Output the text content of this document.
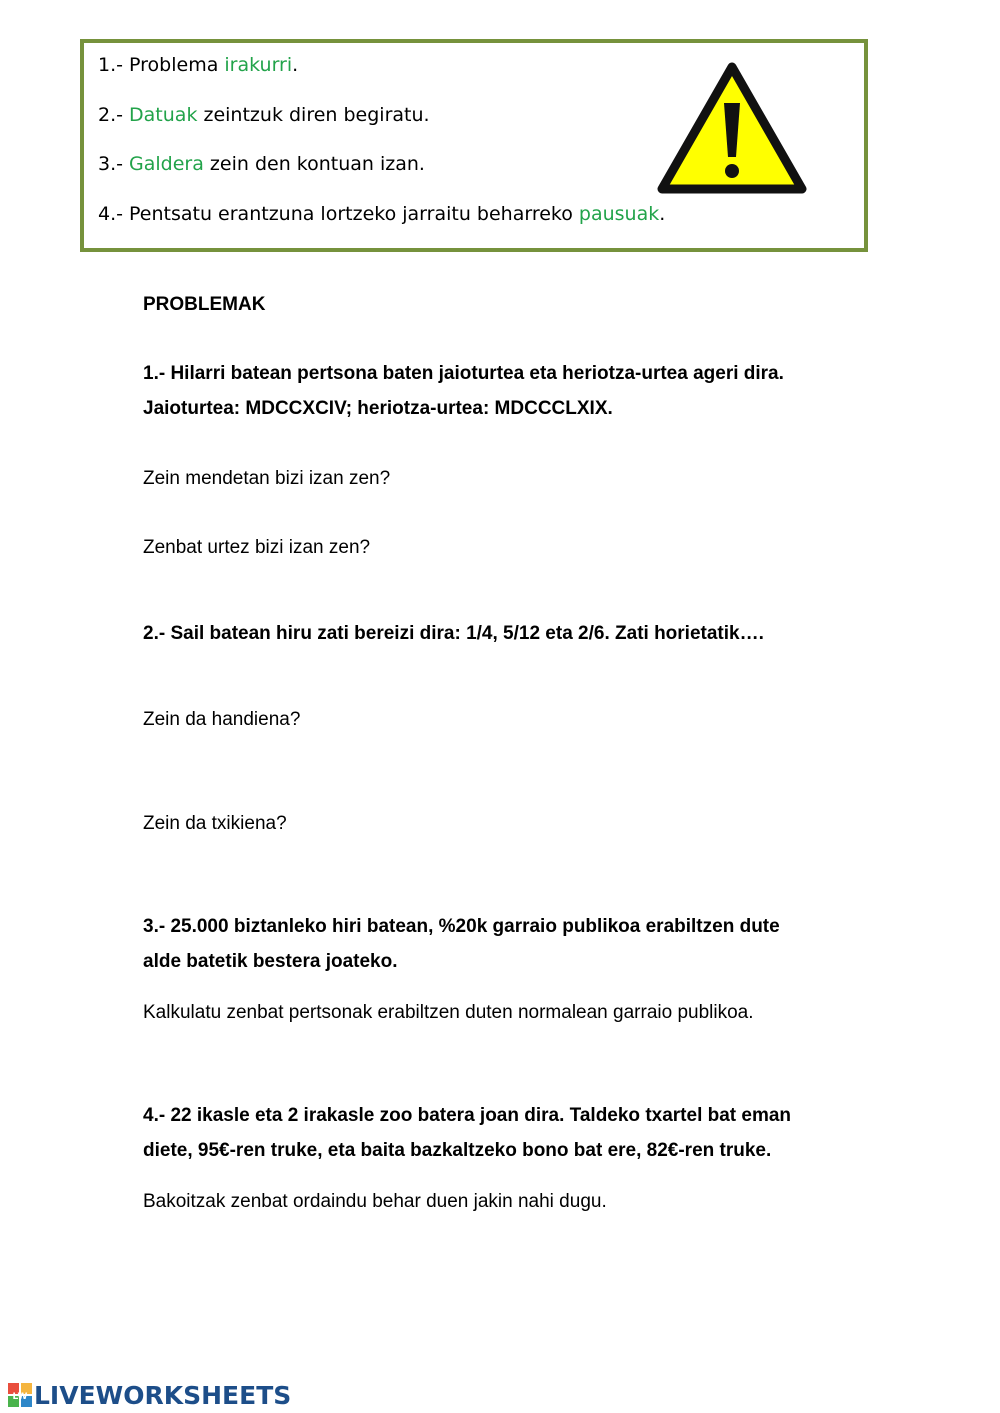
1.- Problema irakurri.
2.- Datuak zeintzuk diren begiratu.
3.- Galdera zein den kontuan izan.
4.- Pentsatu erantzuna lortzeko jarraitu beharreko pausuak.
PROBLEMAK
1.- Hilarri batean pertsona baten jaioturtea eta heriotza-urtea ageri dira.
Jaioturtea: MDCCXCIV; heriotza-urtea: MDCCCLXIX.
Zein mendetan bizi izan zen?
Zenbat urtez bizi izan zen?
2.- Sail batean hiru zati bereizi dira: 1/4, 5/12 eta 2/6. Zati horietatik….
Zein da handiena?
Zein da txikiena?
3.- 25.000 biztanleko hiri batean, %20k garraio publikoa erabiltzen dute
alde batetik bestera joateko.
Kalkulatu zenbat pertsonak erabiltzen duten normalean garraio publikoa.
4.- 22 ikasle eta 2 irakasle zoo batera joan dira. Taldeko txartel bat eman
diete, 95€-ren truke, eta baita bazkaltzeko bono bat ere, 82€-ren truke.
Bakoitzak zenbat ordaindu behar duen jakin nahi dugu.
LW LIVEWORKSHEETS
